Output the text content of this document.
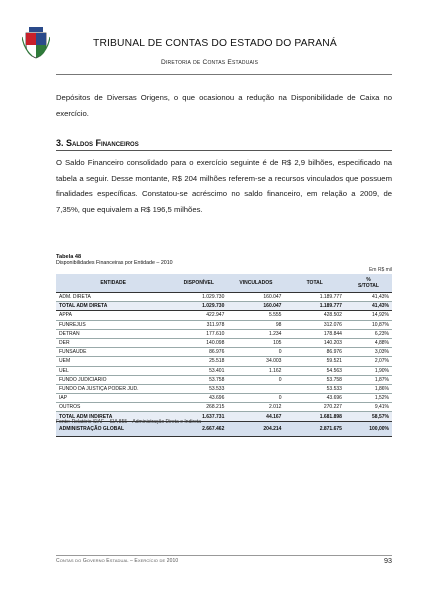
TRIBUNAL DE CONTAS DO ESTADO DO PARANÁ
Diretoria de Contas Estaduais
Depósitos de Diversas Origens, o que ocasionou a redução na Disponibilidade de Caixa no exercício.
3. Saldos Financeiros
O Saldo Financeiro consolidado para o exercício seguinte é de R$ 2,9 bilhões, especificado na tabela a seguir. Desse montante, R$ 204 milhões referem-se a recursos vinculados que possuem finalidades específicas. Constatou-se acréscimo no saldo financeiro, em relação a 2009, de 7,35%, que equivalem a R$ 196,5 milhões.
Tabela 48
Disponibilidades Financeiras por Entidade – 2010
Em R$ mil
ENTIDADE	DISPONÍVEL	VINCULADOS	TOTAL	%
S/TOTAL
ADM. DIRETA	1.029.730	160.047	1.189.777	41,43%
TOTAL ADM DIRETA	1.029.730	160.047	1.189.777	41,43%
APPA	422.947	5.555	428.502	14,92%
FUNREJUS	311.978	98	312.076	10,87%
DETRAN	177.610	1.234	178.844	6,23%
DER	140.098	105	140.203	4,88%
FUNSAUDE	86.976	0	86.976	3,03%
UEM	25.518	34.003	59.521	2,07%
UEL	53.401	1.162	54.563	1,90%
FUNDO JUDICIARIO	53.758	0	53.758	1,87%
FUNDO DA JUSTIÇA PODER JUD.	53.533		53.533	1,86%
IAP	43.696	0	43.696	1,52%
OUTROS	268.215	2.012	270.227	9,41%
TOTAL ADM INDIRETA	1.637.731	44.167	1.681.898	58,57%
ADMINISTRAÇÃO GLOBAL	2.667.462	204.214	2.871.675	100,00%
Fonte: Relatório SIAF – SIA 855 – Administração Direta e Indireta
Contas do Governo Estadual – Exercício de 2010	93
